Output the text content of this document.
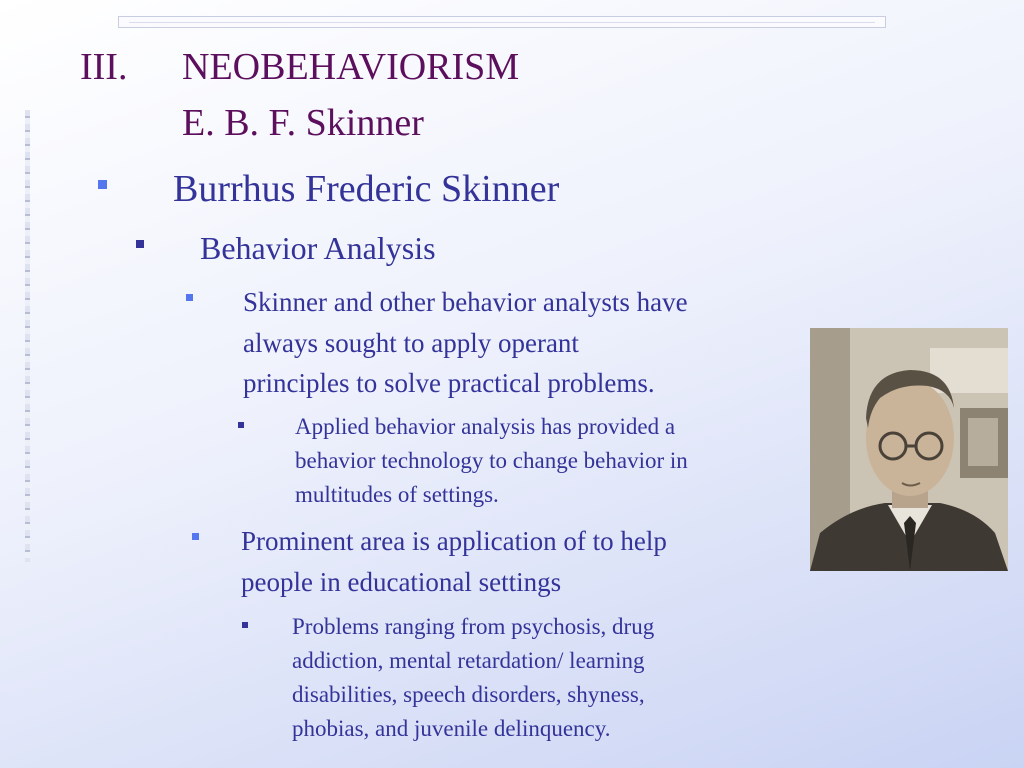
III. NEOBEHAVIORISM
E. B. F. Skinner
Burrhus Frederic Skinner
Behavior Analysis
Skinner and other behavior analysts have
always sought to apply operant
principles to solve practical problems.
Applied behavior analysis has provided a
behavior technology to change behavior in
multitudes of settings.
Prominent area is application of to help
people in educational settings
Problems ranging from psychosis, drug
addiction, mental retardation/ learning
disabilities, speech disorders, shyness,
phobias, and juvenile delinquency.
